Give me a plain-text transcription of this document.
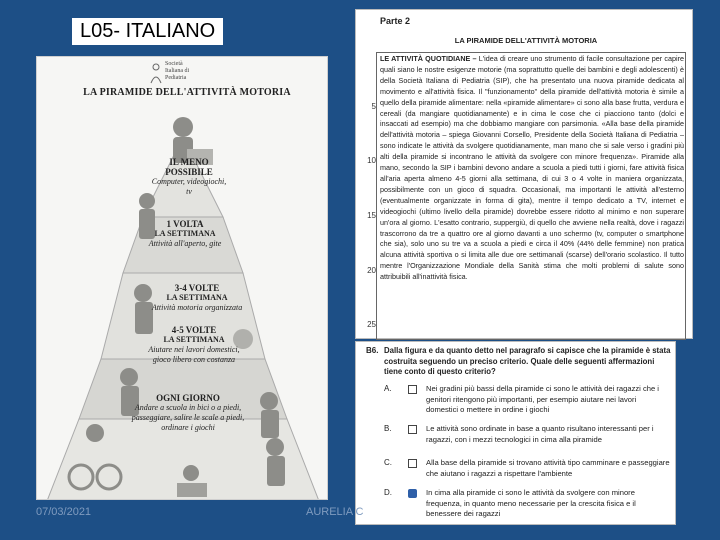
L05- ITALIANO
Società
Italiana di
Pediatria
LA PIRAMIDE DELL'ATTIVITÀ MOTORIA
IL MENO
POSSIBILE
Computer, videogiochi, tv
1 VOLTA
LA SETTIMANA
Attività all'aperto, gite
3-4 VOLTE
LA SETTIMANA
Attività motoria organizzata
4-5 VOLTE
LA SETTIMANA
Aiutare nei lavori domestici, gioco libero con costanza
OGNI GIORNO
Andare a scuola in bici o a piedi, passeggiare, salire le scale a piedi, ordinare i giochi
Parte 2
LA PIRAMIDE DELL'ATTIVITÀ MOTORIA
5
10
15
20
25
LE ATTIVITÀ QUOTIDIANE – L'idea di creare uno strumento di facile consultazione per capire quali siano le nostre esigenze motorie (ma soprattutto quelle dei bambini e degli adolescenti) è della Società Italiana di Pediatria (SIP), che ha presentato una nuova piramide dedicata al movimento e all'attività fisica. Il "funzionamento" della piramide dell'attività motoria è simile a quello della piramide alimentare: nella «piramide alimentare» ci sono alla base frutta, verdura e cereali (da mangiare quotidianamente) e in cima le cose che ci piacciono tanto (dolci e insaccati ad esempio) ma che dobbiamo mangiare con parsimonia. «Alla base della piramide dell'attività motoria – spiega Giovanni Corsello, Presidente della Società Italiana di Pediatria – sono indicate le attività da svolgere quotidianamente, man mano che si sale verso i gradini più alti della piramide si incontrano le attività da svolgere con minore frequenza». Piramide alla mano, secondo la SIP i bambini devono andare a scuola a piedi tutti i giorni, fare attività fisica all'aria aperta almeno 4-5 giorni alla settimana, di cui 3 o 4 volte in maniera organizzata, possibilmente con un gioco di squadra. Occasionali, ma importanti le attività all'esterno (eventualmente organizzate in forma di gita), mentre il tempo dedicato a TV, internet e videogiochi (ultimo livello della piramide) dovrebbe essere ridotto al minimo e non superare un'ora al giorno. L'esatto contrario, suppergiù, di quello che avviene nella realtà, dove i ragazzi trascorrono da tre a quattro ore al giorno davanti a uno schermo (tv, computer o smartphone che sia), solo uno su tre va a scuola a piedi e circa il 40% (44% delle femmine) non pratica alcuna attività sportiva o si limita alle due ore settimanali (scarse) dell'orario scolastico. Il tutto mentre l'Organizzazione Mondiale della Sanità stima che molti problemi di salute sono attribuibili all'inattività fisica.
B6. Dalla figura e da quanto detto nel paragrafo si capisce che la piramide è stata costruita seguendo un preciso criterio. Quale delle seguenti affermazioni tiene conto di questo criterio?
A.	Nei gradini più bassi della piramide ci sono le attività dei ragazzi che i genitori ritengono più importanti, per esempio aiutare nei lavori domestici o mettere in ordine i giochi
B.	Le attività sono ordinate in base a quanto risultano interessanti per i ragazzi, con i mezzi tecnologici in cima alla piramide
C.	Alla base della piramide si trovano attività tipo camminare e passeggiare che aiutano i ragazzi a rispettare l'ambiente
D.	In cima alla piramide ci sono le attività da svolgere con minore frequenza, in quanto meno necessarie per la crescita fisica e il benessere dei ragazzi
07/03/2021	AURELIA C
